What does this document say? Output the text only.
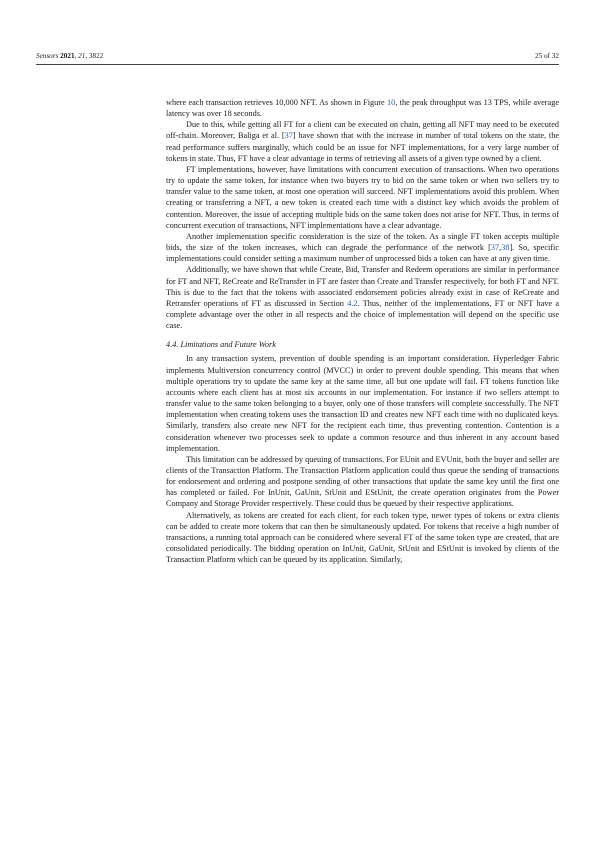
Sensors 2021, 21, 3822	25 of 32

where each transaction retrieves 10,000 NFT. As shown in Figure 10, the peak throughput was 13 TPS, while average latency was over 18 seconds.

Due to this, while getting all FT for a client can be executed on chain, getting all NFT may need to be executed off-chain. Moreover, Baliga et al. [37] have shown that with the increase in number of total tokens on the state, the read performance suffers marginally, which could be an issue for NFT implementations, for a very large number of tokens in state. Thus, FT have a clear advantage in terms of retrieving all assets of a given type owned by a client.

FT implementations, however, have limitations with concurrent execution of transactions. When two operations try to update the same token, for instance when two buyers try to bid on the same token or when two sellers try to transfer value to the same token, at most one operation will succeed. NFT implementations avoid this problem. When creating or transferring a NFT, a new token is created each time with a distinct key which avoids the problem of contention. Moreover, the issue of accepting multiple bids on the same token does not arise for NFT. Thus, in terms of concurrent execution of transactions, NFT implementations have a clear advantage.

Another implementation specific consideration is the size of the token. As a single FT token accepts multiple bids, the size of the token increases, which can degrade the performance of the network [37,38]. So, specific implementations could consider setting a maximum number of unprocessed bids a token can have at any given time.

Additionally, we have shown that while Create, Bid, Transfer and Redeem operations are similar in performance for FT and NFT, ReCreate and ReTransfer in FT are faster than Create and Transfer respectively, for both FT and NFT. This is due to the fact that the tokens with associated endorsement policies already exist in case of ReCreate and Retransfer operations of FT as discussed in Section 4.2. Thus, neither of the implementations, FT or NFT have a complete advantage over the other in all respects and the choice of implementation will depend on the specific use case.

4.4. Limitations and Future Work

In any transaction system, prevention of double spending is an important consideration. Hyperledger Fabric implements Multiversion concurrency control (MVCC) in order to prevent double spending. This means that when multiple operations try to update the same key at the same time, all but one update will fail. FT tokens function like accounts where each client has at most six accounts in our implementation. For instance if two sellers attempt to transfer value to the same token belonging to a buyer, only one of those transfers will complete successfully. The NFT implementation when creating tokens uses the transaction ID and creates new NFT each time with no duplicated keys. Similarly, transfers also create new NFT for the recipient each time, thus preventing contention. Contention is a consideration whenever two processes seek to update a common resource and thus inherent in any account based implementation.

This limitation can be addressed by queuing of transactions. For EUnit and EVUnit, both the buyer and seller are clients of the Transaction Platform. The Transaction Platform application could thus queue the sending of transactions for endorsement and ordering and postpone sending of other transactions that update the same key until the first one has completed or failed. For InUnit, GaUnit, StUnit and EStUnit, the create operation originates from the Power Company and Storage Provider respectively. These could thus be queued by their respective applications.

Alternatively, as tokens are created for each client, for each token type, newer types of tokens or extra clients can be added to create more tokens that can then be simultaneously updated. For tokens that receive a high number of transactions, a running total approach can be considered where several FT of the same token type are created, that are consolidated periodically. The bidding operation on InUnit, GaUnit, StUnit and EStUnit is invoked by clients of the Transaction Platform which can be queued by its application. Similarly,
